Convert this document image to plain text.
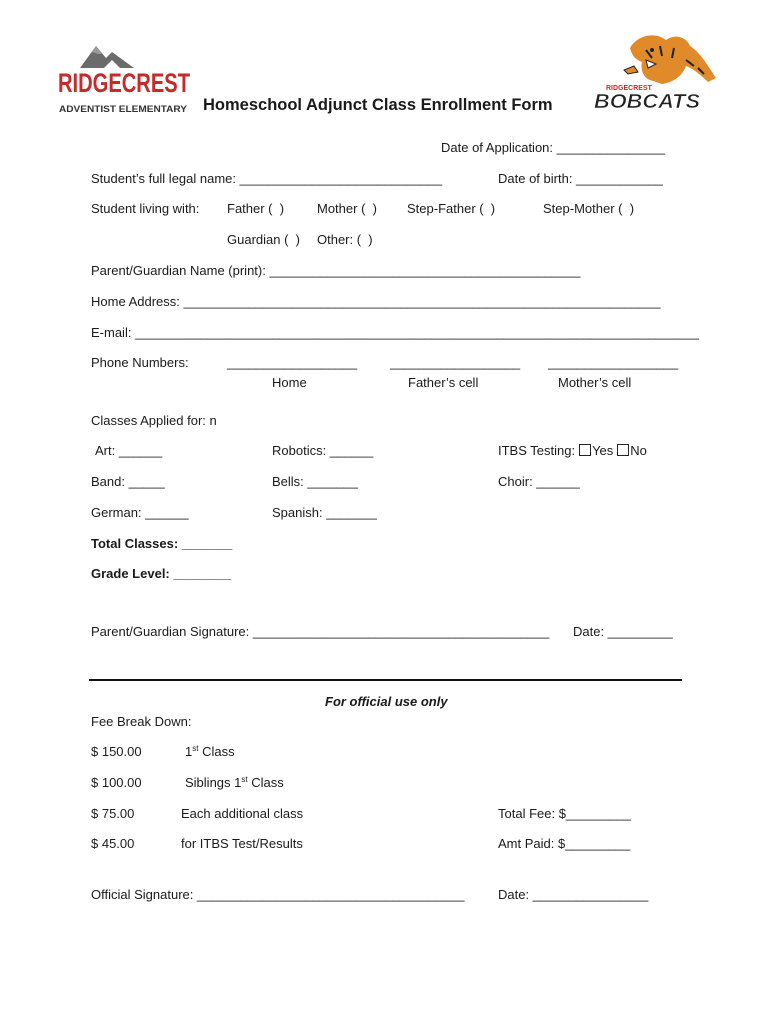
RIDGECREST
ADVENTIST ELEMENTARY
RIDGECREST
BOBCATS
Homeschool Adjunct Class Enrollment Form
Date of Application: _______________
Student’s full legal name: ____________________________	Date of birth: ____________
Student living with: Father (  )	Mother (  ) Step-Father (  )	Step-Mother (  )
Guardian (  ) Other: (  )
Parent/Guardian Name (print): ___________________________________________
Home Address: __________________________________________________________________
E-mail: ______________________________________________________________________________
Phone Numbers:	__________________	__________________ __________________
Home	Father’s cell	Mother’s cell
Classes Applied for: n
Art: ______	Robotics: ______	ITBS Testing: Yes No
Band: _____	Bells: _______	Choir: ______
German: ______	Spanish: _______
Total Classes: _______
Grade Level: ________
Parent/Guardian Signature: _________________________________________ Date: _________
For official use only
Fee Break Down:
$ 150.00	1st Class
$ 100.00	Siblings 1st Class
$ 75.00	Each additional class	Total Fee: $_________
$ 45.00	for ITBS Test/Results	Amt Paid: $_________
Official Signature: _____________________________________	Date: ________________
